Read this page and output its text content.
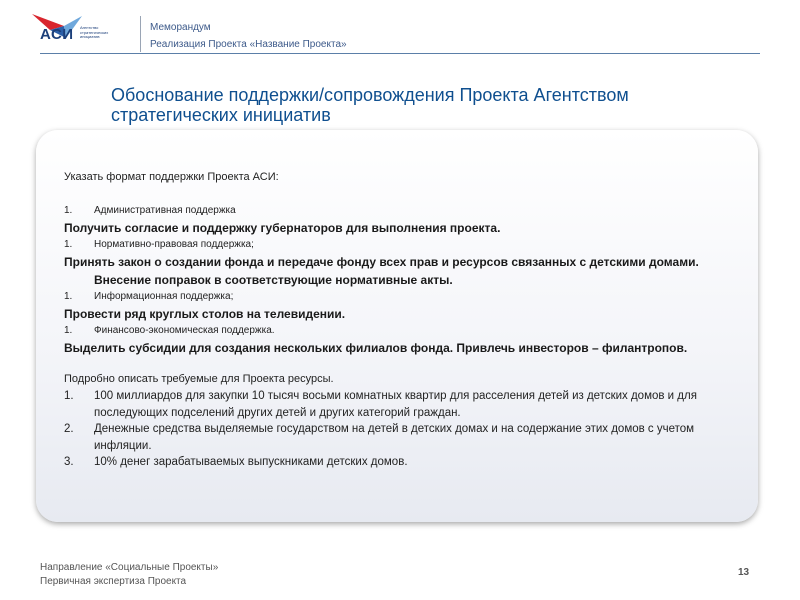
АСИ Агентство стратегических инициатив
Меморандум
Реализация Проекта «Название Проекта»
Обоснование поддержки/сопровождения Проекта Агентством стратегических инициатив
Указать формат поддержки Проекта АСИ:
1. Административная поддержка
Получить согласие и поддержку губернаторов для выполнения проекта.
1. Нормативно-правовая поддержка;
Принять закон о создании фонда и передаче фонду всех прав и ресурсов связанных с детскими домами. Внесение поправок в соответствующие нормативные акты.
1. Информационная поддержка;
Провести ряд круглых столов на телевидении.
1. Финансово-экономическая поддержка.
Выделить субсидии для создания нескольких филиалов фонда. Привлечь инвесторов – филантропов.
Подробно описать требуемые для Проекта ресурсы.
1. 100 миллиардов для закупки 10 тысяч восьми комнатных квартир для расселения детей из детских домов и для последующих подселений других детей и других категорий граждан.
2. Денежные средства выделяемые государством на детей в детских домах и на содержание этих домов с учетом инфляции.
3. 10% денег зарабатываемых выпускниками детских домов.
Направление «Социальные Проекты»
Первичная экспертиза Проекта
13
